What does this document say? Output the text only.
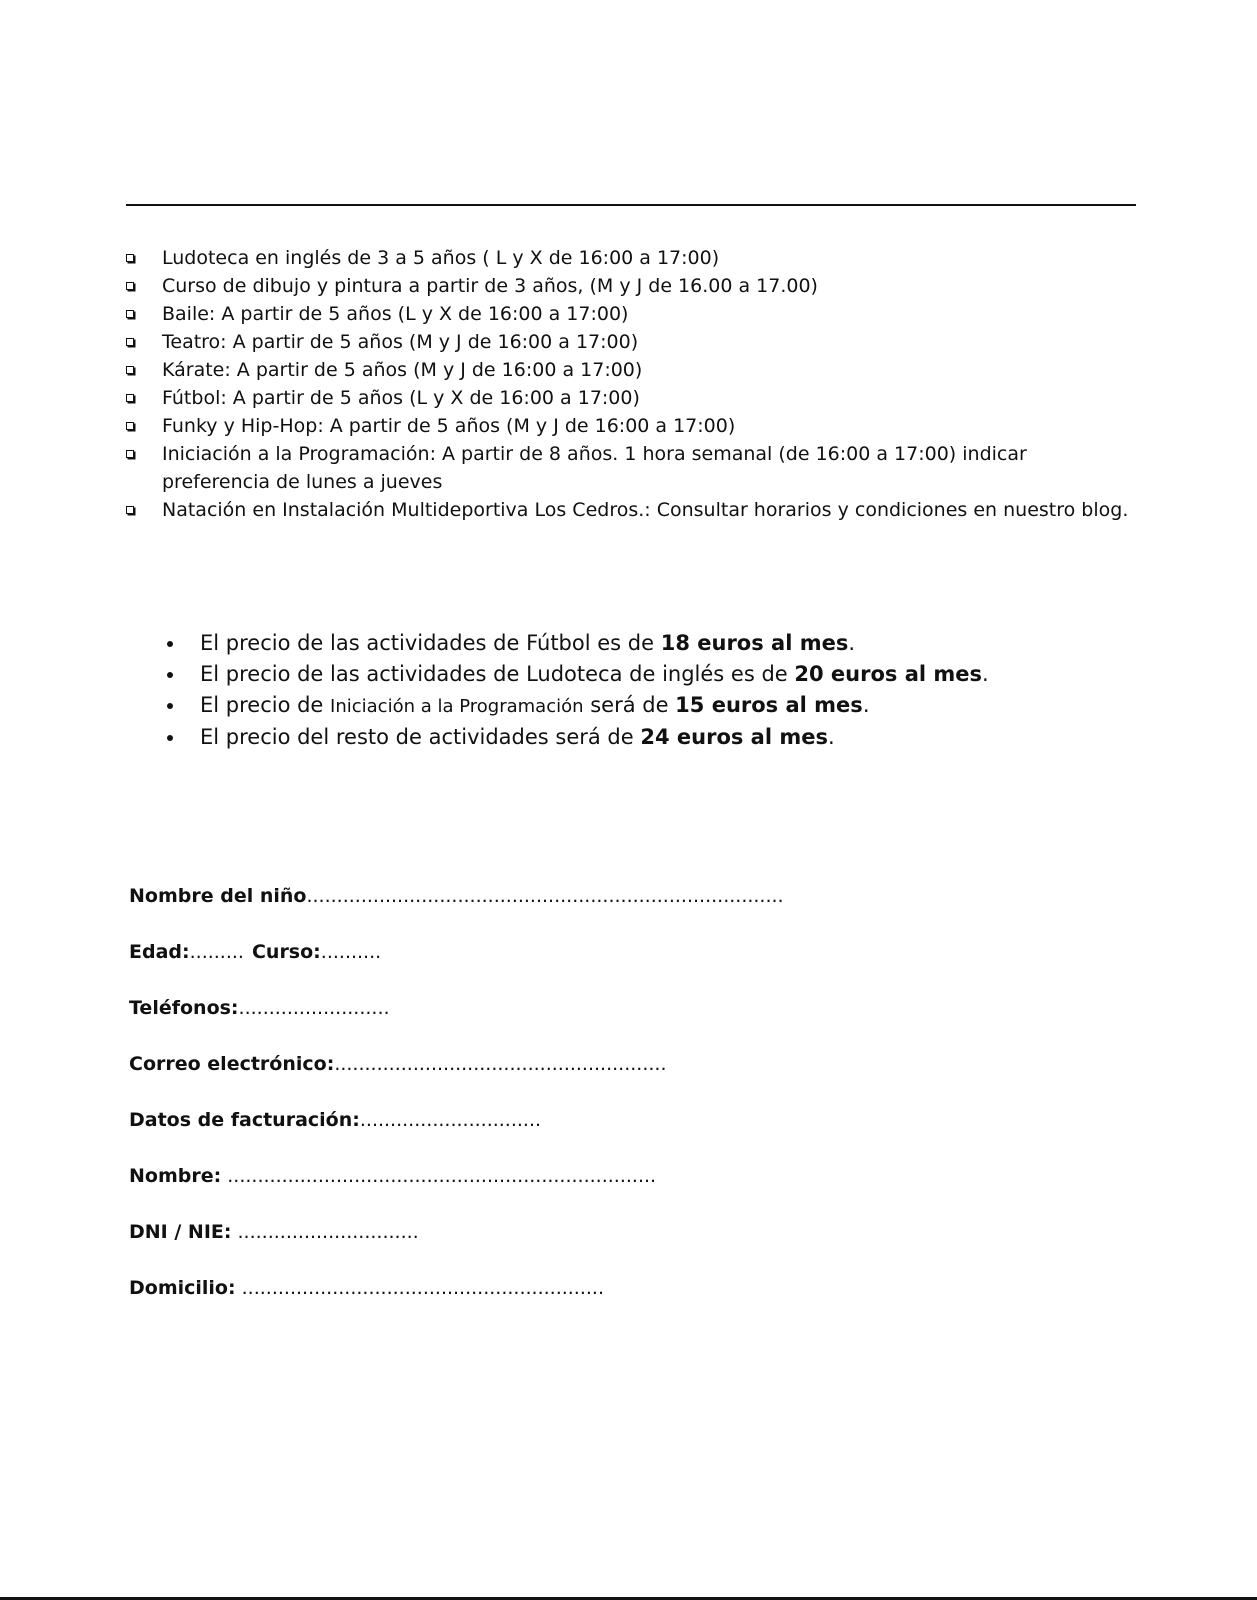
Ludoteca en inglés de 3 a 5 años ( L y X de 16:00 a 17:00)
Curso de dibujo y pintura a partir de 3 años, (M y J de 16.00 a 17.00)
Baile: A partir de 5 años (L y X de 16:00 a 17:00)
Teatro: A partir de 5 años (M y J de 16:00 a 17:00)
Kárate: A partir de 5 años (M y J de 16:00 a 17:00)
Fútbol: A partir de 5 años (L y X de 16:00 a 17:00)
Funky y Hip-Hop: A partir de 5 años (M y J de 16:00 a 17:00)
Iniciación a la Programación: A partir de 8 años. 1 hora semanal (de 16:00 a 17:00) indicar preferencia de lunes a jueves
Natación en Instalación Multideportiva Los Cedros.: Consultar horarios y condiciones en nuestro blog.
El precio de las actividades de Fútbol es de 18 euros al mes.
El precio de las actividades de Ludoteca de inglés es de 20 euros al mes.
El precio de Iniciación a la Programación será de 15 euros al mes.
El precio del resto de actividades será de 24 euros al mes.
Nombre del niño...............................................................................
Edad:......... Curso:..........
Teléfonos:.........................
Correo electrónico:.......................................................
Datos de facturación:..............................
Nombre: .......................................................................
DNI / NIE: ..............................
Domicilio: ............................................................
